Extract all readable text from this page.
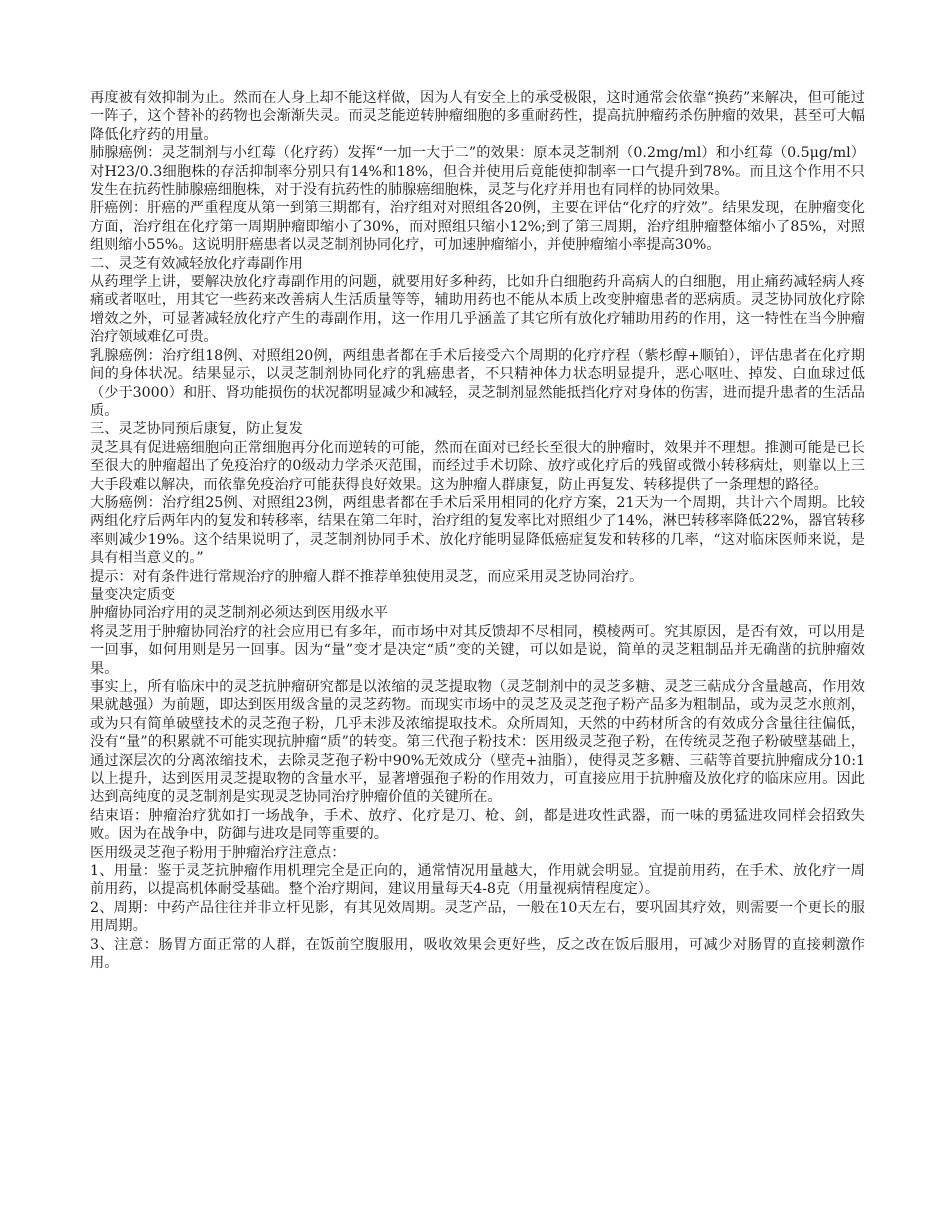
再度被有效抑制为止。然而在人身上却不能这样做，因为人有安全上的承受极限，这时通常会依靠“换药”来解决，但可能过一阵子，这个替补的药物也会渐渐失灵。而灵芝能逆转肿瘤细胞的多重耐药性，提高抗肿瘤药杀伤肿瘤的效果，甚至可大幅降低化疗药的用量。

肺腺癌例：灵芝制剂与小红莓（化疗药）发挥“一加一大于二”的效果：原本灵芝制剂（0.2mg/ml）和小红莓（0.5μg/ml）对H23/0.3细胞株的存活抑制率分别只有14%和18%，但合并使用后竟能使抑制率一口气提升到78%。而且这个作用不只发生在抗药性肺腺癌细胞株，对于没有抗药性的肺腺癌细胞株，灵芝与化疗并用也有同样的协同效果。

肝癌例：肝癌的严重程度从第一到第三期都有，治疗组对对照组各20例，主要在评估“化疗的疗效”。结果发现，在肿瘤变化方面，治疗组在化疗第一周期肿瘤即缩小了30%，而对照组只缩小12%;到了第三周期，治疗组肿瘤整体缩小了85%，对照组则缩小55%。这说明肝癌患者以灵芝制剂协同化疗，可加速肿瘤缩小，并使肿瘤缩小率提高30%。

二、灵芝有效减轻放化疗毒副作用

从药理学上讲，要解决放化疗毒副作用的问题，就要用好多种药，比如升白细胞药升高病人的白细胞，用止痛药减轻病人疼痛或者呕吐，用其它一些药来改善病人生活质量等等，辅助用药也不能从本质上改变肿瘤患者的恶病质。灵芝协同放化疗除增效之外，可显著减轻放化疗产生的毒副作用，这一作用几乎涵盖了其它所有放化疗辅助用药的作用，这一特性在当今肿瘤治疗领域难亿可贵。

乳腺癌例：治疗组18例、对照组20例，两组患者都在手术后接受六个周期的化疗疗程（紫杉醇+顺铂），评估患者在化疗期间的身体状况。结果显示，以灵芝制剂协同化疗的乳癌患者，不只精神体力状态明显提升，恶心呕吐、掉发、白血球过低（少于3000）和肝、肾功能损伤的状况都明显减少和减轻，灵芝制剂显然能抵挡化疗对身体的伤害，进而提升患者的生活品质。

三、灵芝协同预后康复，防止复发

灵芝具有促进癌细胞向正常细胞再分化而逆转的可能，然而在面对已经长至很大的肿瘤时，效果并不理想。推测可能是已长至很大的肿瘤超出了免疫治疗的0级动力学杀灭范围，而经过手术切除、放疗或化疗后的残留或微小转移病灶，则靠以上三大手段难以解决，而依靠免疫治疗可能获得良好效果。这为肿瘤人群康复，防止再复发、转移提供了一条理想的路径。

大肠癌例：治疗组25例、对照组23例，两组患者都在手术后采用相同的化疗方案，21天为一个周期，共计六个周期。比较两组化疗后两年内的复发和转移率，结果在第二年时，治疗组的复发率比对照组少了14%，淋巴转移率降低22%，器官转移率则减少19%。这个结果说明了，灵芝制剂协同手术、放化疗能明显降低癌症复发和转移的几率，“这对临床医师来说，是具有相当意义的。”

提示：对有条件进行常规治疗的肿瘤人群不推荐单独使用灵芝，而应采用灵芝协同治疗。

量变决定质变

肿瘤协同治疗用的灵芝制剂必须达到医用级水平

将灵芝用于肿瘤协同治疗的社会应用已有多年，而市场中对其反馈却不尽相同，模棱两可。究其原因，是否有效，可以用是一回事，如何用则是另一回事。因为“量”变才是决定“质”变的关键，可以如是说，简单的灵芝粗制品并无确凿的抗肿瘤效果。

事实上，所有临床中的灵芝抗肿瘤研究都是以浓缩的灵芝提取物（灵芝制剂中的灵芝多糖、灵芝三萜成分含量越高，作用效果就越强）为前题，即达到医用级含量的灵芝药物。而现实市场中的灵芝及灵芝孢子粉产品多为粗制品，或为灵芝水煎剂，或为只有简单破壁技术的灵芝孢子粉，几乎未涉及浓缩提取技术。众所周知，天然的中药材所含的有效成分含量往往偏低，没有“量”的积累就不可能实现抗肿瘤“质”的转变。第三代孢子粉技术：医用级灵芝孢子粉，在传统灵芝孢子粉破壁基础上，通过深层次的分离浓缩技术，去除灵芝孢子粉中90%无效成分（壁壳+油脂），使得灵芝多糖、三萜等首要抗肿瘤成分10:1以上提升，达到医用灵芝提取物的含量水平，显著增强孢子粉的作用效力，可直接应用于抗肿瘤及放化疗的临床应用。因此达到高纯度的灵芝制剂是实现灵芝协同治疗肿瘤价值的关键所在。

结束语：肿瘤治疗犹如打一场战争，手术、放疗、化疗是刀、枪、剑，都是进攻性武器，而一味的勇猛进攻同样会招致失败。因为在战争中，防御与进攻是同等重要的。

医用级灵芝孢子粉用于肿瘤治疗注意点：

1、用量：鉴于灵芝抗肿瘤作用机理完全是正向的，通常情况用量越大，作用就会明显。宜提前用药，在手术、放化疗一周前用药，以提高机体耐受基础。整个治疗期间，建议用量每天4-8克（用量视病情程度定）。

2、周期：中药产品往往并非立杆见影，有其见效周期。灵芝产品，一般在10天左右，要巩固其疗效，则需要一个更长的服用周期。

3、注意：肠胃方面正常的人群，在饭前空腹服用，吸收效果会更好些，反之改在饭后服用，可减少对肠胃的直接刺激作用。
